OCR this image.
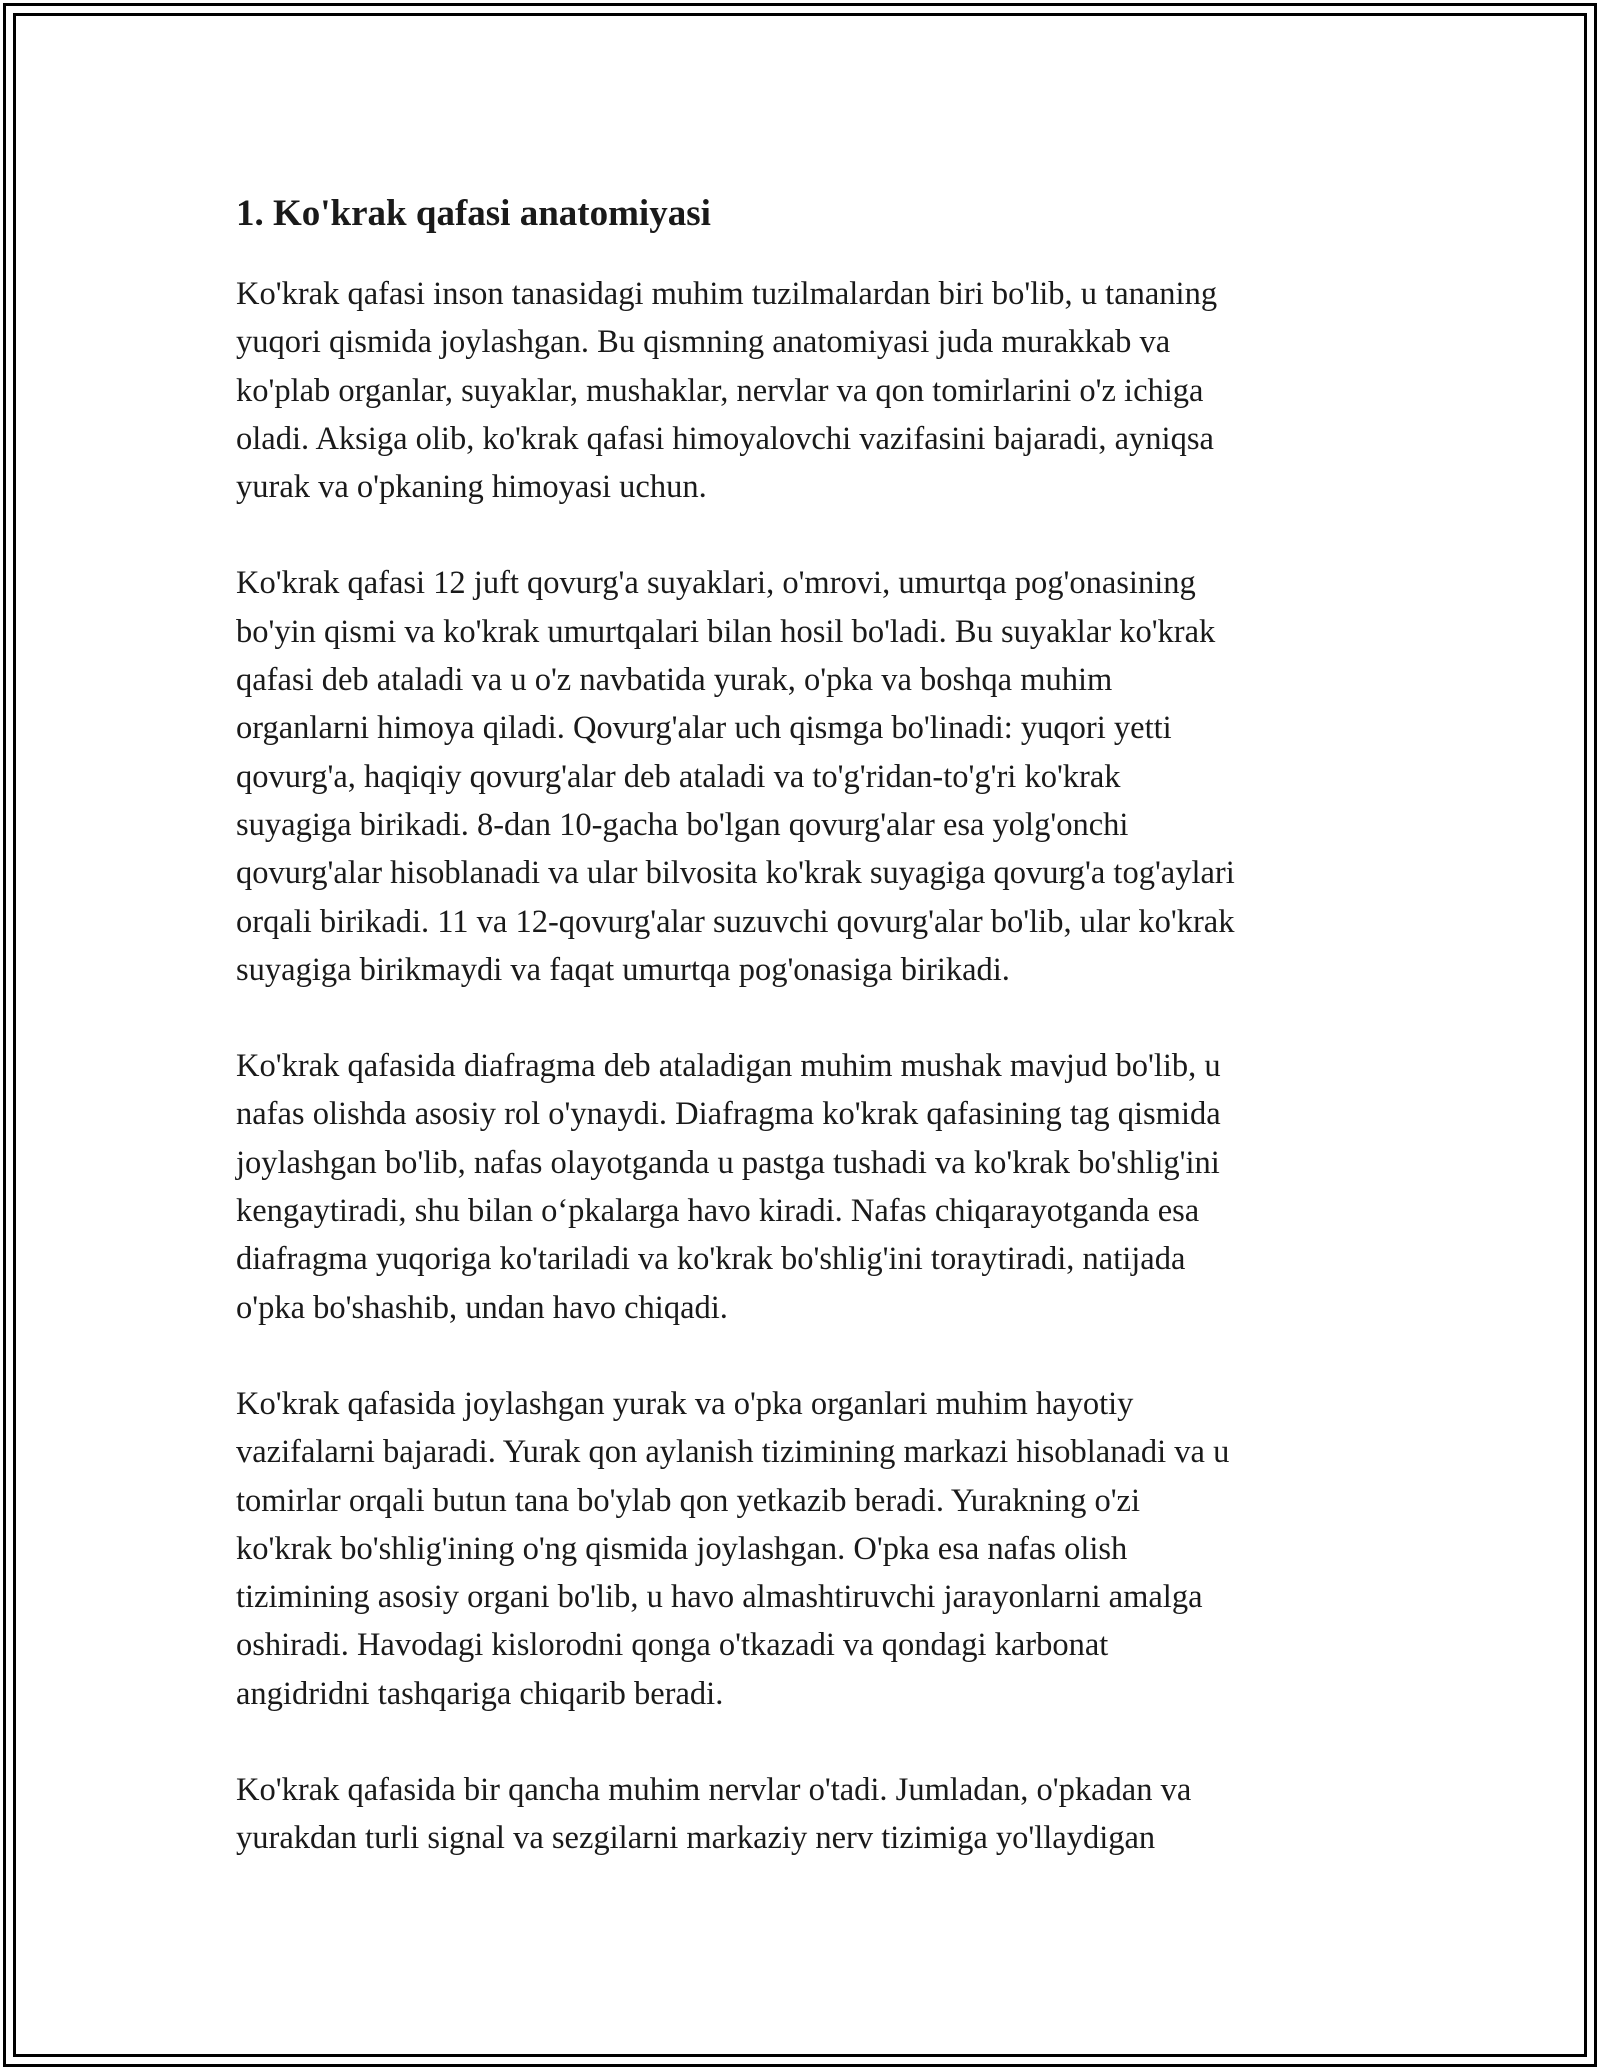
1. Ko'krak qafasi anatomiyasi

Ko'krak qafasi inson tanasidagi muhim tuzilmalardan biri bo'lib, u tananing
yuqori qismida joylashgan. Bu qismning anatomiyasi juda murakkab va
ko'plab organlar, suyaklar, mushaklar, nervlar va qon tomirlarini o'z ichiga
oladi. Aksiga olib, ko'krak qafasi himoyalovchi vazifasini bajaradi, ayniqsa
yurak va o'pkaning himoyasi uchun.

Ko'krak qafasi 12 juft qovurg'a suyaklari, o'mrovi, umurtqa pog'onasining
bo'yin qismi va ko'krak umurtqalari bilan hosil bo'ladi. Bu suyaklar ko'krak
qafasi deb ataladi va u o'z navbatida yurak, o'pka va boshqa muhim
organlarni himoya qiladi. Qovurg'alar uch qismga bo'linadi: yuqori yetti
qovurg'a, haqiqiy qovurg'alar deb ataladi va to'g'ridan-to'g'ri ko'krak
suyagiga birikadi. 8-dan 10-gacha bo'lgan qovurg'alar esa yolg'onchi
qovurg'alar hisoblanadi va ular bilvosita ko'krak suyagiga qovurg'a tog'aylari
orqali birikadi. 11 va 12-qovurg'alar suzuvchi qovurg'alar bo'lib, ular ko'krak
suyagiga birikmaydi va faqat umurtqa pog'onasiga birikadi.

Ko'krak qafasida diafragma deb ataladigan muhim mushak mavjud bo'lib, u
nafas olishda asosiy rol o'ynaydi. Diafragma ko'krak qafasining tag qismida
joylashgan bo'lib, nafas olayotganda u pastga tushadi va ko'krak bo'shlig'ini
kengaytiradi, shu bilan o‘pkalarga havo kiradi. Nafas chiqarayotganda esa
diafragma yuqoriga ko'tariladi va ko'krak bo'shlig'ini toraytiradi, natijada
o'pka bo'shashib, undan havo chiqadi.

Ko'krak qafasida joylashgan yurak va o'pka organlari muhim hayotiy
vazifalarni bajaradi. Yurak qon aylanish tizimining markazi hisoblanadi va u
tomirlar orqali butun tana bo'ylab qon yetkazib beradi. Yurakning o'zi
ko'krak bo'shlig'ining o'ng qismida joylashgan. O'pka esa nafas olish
tizimining asosiy organi bo'lib, u havo almashtiruvchi jarayonlarni amalga
oshiradi. Havodagi kislorodni qonga o'tkazadi va qondagi karbonat
angidridni tashqariga chiqarib beradi.

Ko'krak qafasida bir qancha muhim nervlar o'tadi. Jumladan, o'pkadan va
yurakdan turli signal va sezgilarni markaziy nerv tizimiga yo'llaydigan
